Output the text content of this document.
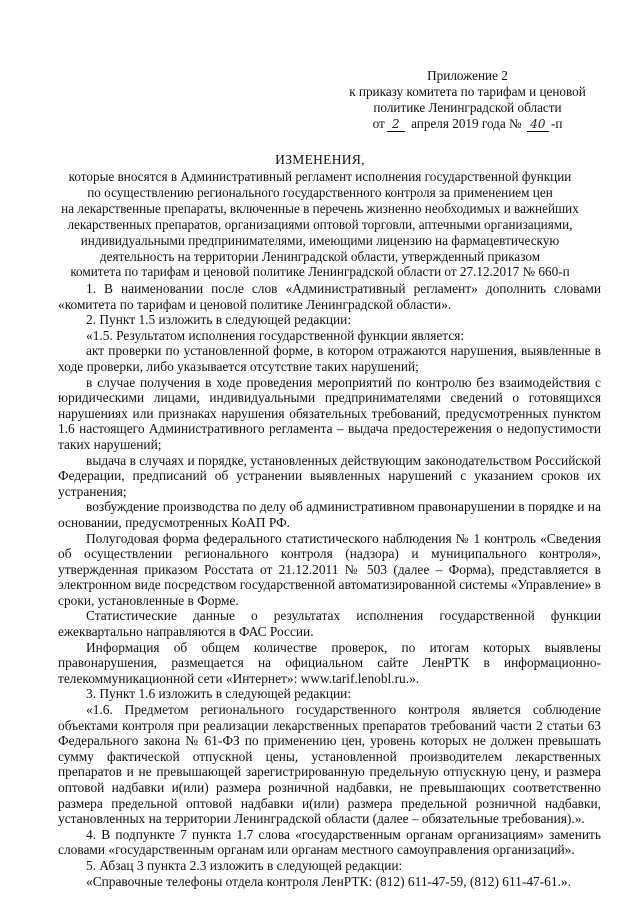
Приложение 2
к приказу комитета по тарифам и ценовой
политике Ленинградской области
от 2 апреля 2019 года № 40 -п
ИЗМЕНЕНИЯ,
которые вносятся в Административный регламент исполнения государственной функции
по осуществлению регионального государственного контроля за применением цен
на лекарственные препараты, включенные в перечень жизненно необходимых и важнейших
лекарственных препаратов, организациями оптовой торговли, аптечными организациями,
индивидуальными предпринимателями, имеющими лицензию на фармацевтическую
деятельность на территории Ленинградской области, утвержденный приказом
комитета по тарифам и ценовой политике Ленинградской области от 27.12.2017 № 660-п

1. В наименовании после слов «Административный регламент» дополнить словами «комитета по тарифам и ценовой политике Ленинградской области».

2. Пункт 1.5 изложить в следующей редакции:

«1.5. Результатом исполнения государственной функции является:

акт проверки по установленной форме, в котором отражаются нарушения, выявленные в ходе проверки, либо указывается отсутствие таких нарушений;

в случае получения в ходе проведения мероприятий по контролю без взаимодействия с юридическими лицами, индивидуальными предпринимателями сведений о готовящихся нарушениях или признаках нарушения обязательных требований, предусмотренных пунктом 1.6 настоящего Административного регламента – выдача предостережения о недопустимости таких нарушений;

выдача в случаях и порядке, установленных действующим законодательством Российской Федерации, предписаний об устранении выявленных нарушений с указанием сроков их устранения;

возбуждение производства по делу об административном правонарушении в порядке и на основании, предусмотренных КоАП РФ.

Полугодовая форма федерального статистического наблюдения № 1 контроль «Сведения об осуществлении регионального контроля (надзора) и муниципального контроля», утвержденная приказом Росстата от 21.12.2011 № 503 (далее – Форма), представляется в электронном виде посредством государственной автоматизированной системы «Управление» в сроки, установленные в Форме.

Статистические данные о результатах исполнения государственной функции ежеквартально направляются в ФАС России.

Информация об общем количестве проверок, по итогам которых выявлены правонарушения, размещается на официальном сайте ЛенРТК в информационно-телекоммуникационной сети «Интернет»: www.tarif.lenobl.ru.».

3. Пункт 1.6 изложить в следующей редакции:

«1.6. Предметом регионального государственного контроля является соблюдение объектами контроля при реализации лекарственных препаратов требований части 2 статьи 63 Федерального закона № 61-ФЗ по применению цен, уровень которых не должен превышать сумму фактической отпускной цены, установленной производителем лекарственных препаратов и не превышающей зарегистрированную предельную отпускную цену, и размера оптовой надбавки и(или) размера розничной надбавки, не превышающих соответственно размера предельной оптовой надбавки и(или) размера предельной розничной надбавки, установленных на территории Ленинградской области (далее – обязательные требования).».

4. В подпункте 7 пункта 1.7 слова «государственным органам организациям» заменить словами «государственным органам или органам местного самоуправления организаций».

5. Абзац 3 пункта 2.3 изложить в следующей редакции:

«Справочные телефоны отдела контроля ЛенРТК: (812) 611-47-59, (812) 611-47-61.».
